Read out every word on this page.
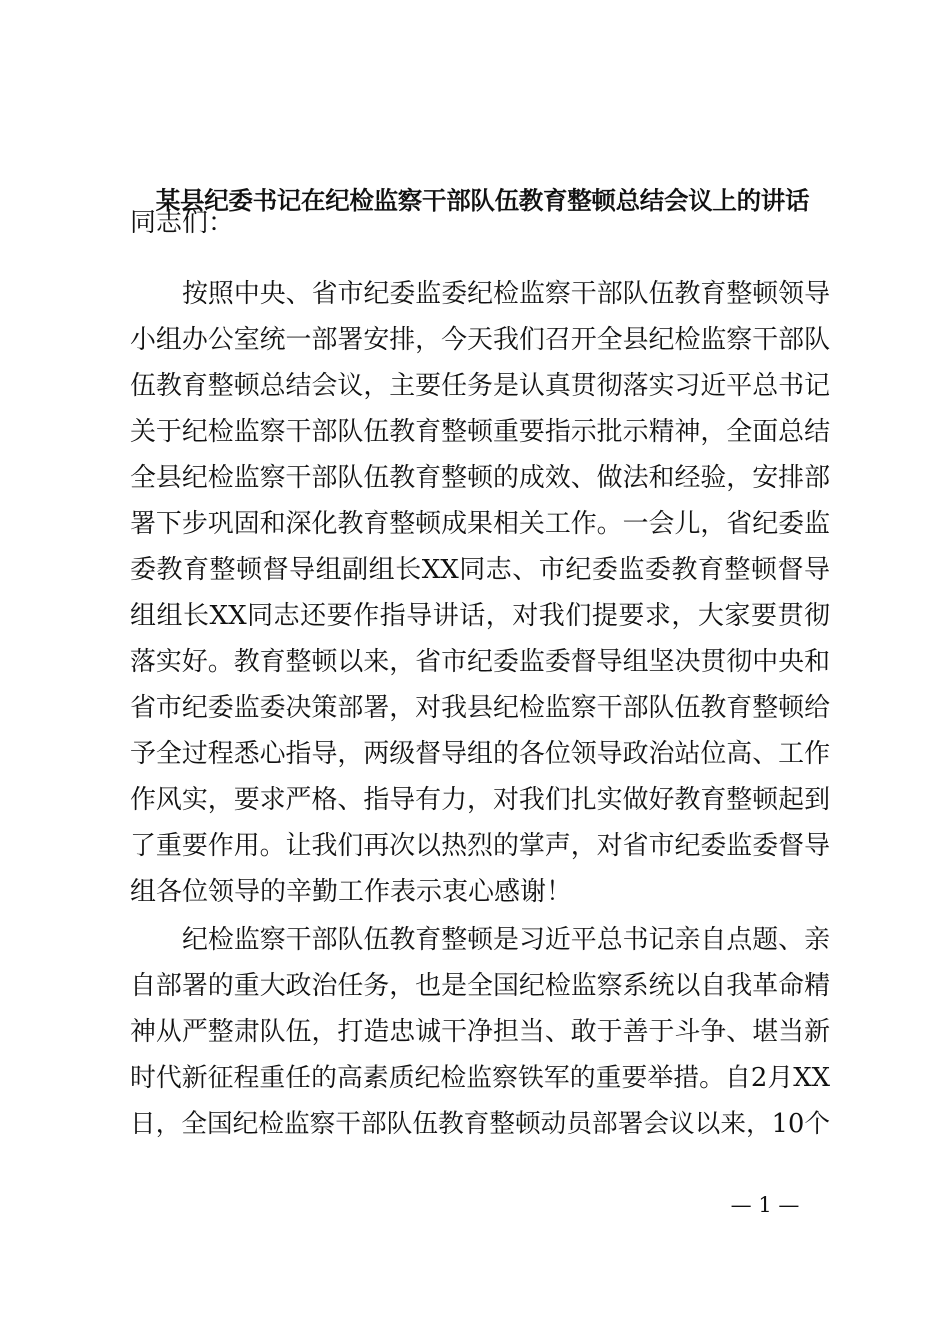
某县纪委书记在纪检监察干部队伍教育整顿总结会议上的讲话
同志们：
按照中央、省市纪委监委纪检监察干部队伍教育整顿领导
小组办公室统一部署安排，今天我们召开全县纪检监察干部队
伍教育整顿总结会议，主要任务是认真贯彻落实习近平总书记
关于纪检监察干部队伍教育整顿重要指示批示精神，全面总结
全县纪检监察干部队伍教育整顿的成效、做法和经验，安排部
署下步巩固和深化教育整顿成果相关工作。一会儿，省纪委监
委教育整顿督导组副组长XX同志、市纪委监委教育整顿督导
组组长XX同志还要作指导讲话，对我们提要求，大家要贯彻
落实好。教育整顿以来，省市纪委监委督导组坚决贯彻中央和
省市纪委监委决策部署，对我县纪检监察干部队伍教育整顿给
予全过程悉心指导，两级督导组的各位领导政治站位高、工作
作风实，要求严格、指导有力，对我们扎实做好教育整顿起到
了重要作用。让我们再次以热烈的掌声，对省市纪委监委督导
组各位领导的辛勤工作表示衷心感谢！
纪检监察干部队伍教育整顿是习近平总书记亲自点题、亲
自部署的重大政治任务，也是全国纪检监察系统以自我革命精
神从严整肃队伍，打造忠诚干净担当、敢于善于斗争、堪当新
时代新征程重任的高素质纪检监察铁军的重要举措。自2月XX
日，全国纪检监察干部队伍教育整顿动员部署会议以来，10个
— 1 —
